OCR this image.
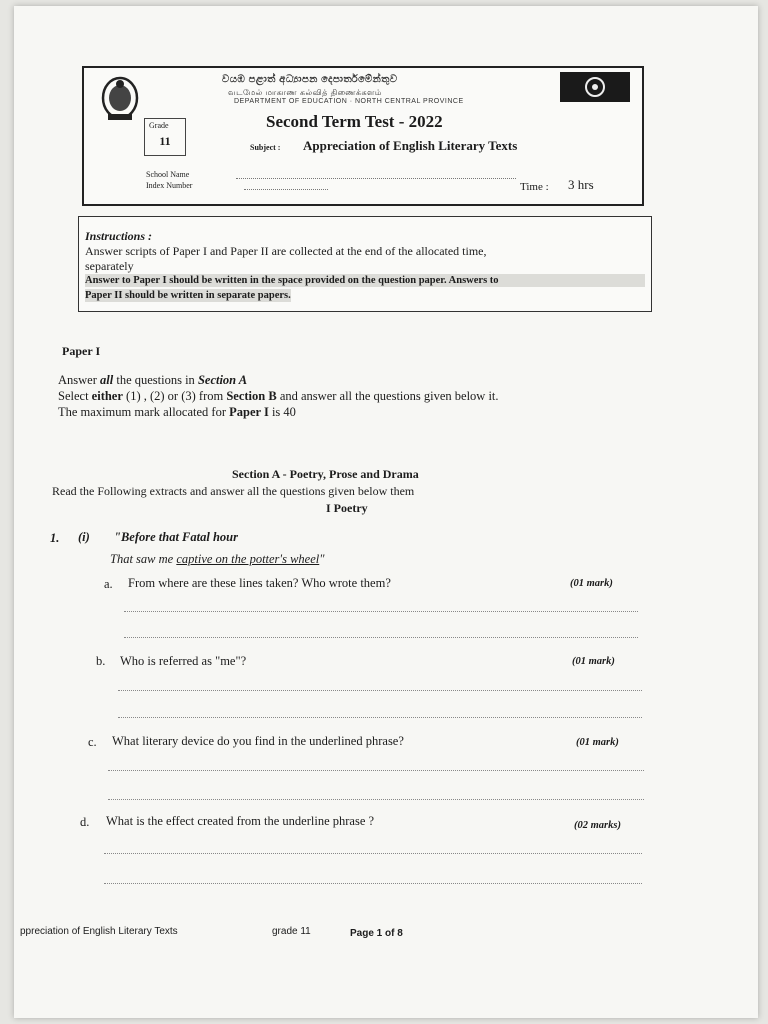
වයඹ පළාත් අධ්‍යාපන දෙපාර්තමේන්තුව
வடமேல் மாகாண கல்வித் திணைக்களம்
DEPARTMENT OF EDUCATION · NORTH CENTRAL PROVINCE
Grade
11
Second Term Test - 2022
Subject : Appreciation of English Literary Texts
School Name
Index Number	Time : 3 hrs
Instructions :
Answer scripts of Paper I and Paper II are collected at the end of the allocated time,
separately
Answer to Paper I should be written in the space provided on the question paper. Answers to
Paper II should be written in separate papers.
Paper I
Answer all the questions in Section A
Select either (1) , (2) or (3) from Section B and answer all the questions given below it.
The maximum mark allocated for Paper I is 40
Section A - Poetry, Prose and Drama
Read the Following extracts and answer all the questions given below them
I Poetry
1. (i) "Before that Fatal hour
That saw me captive on the potter's wheel"
a. From where are these lines taken? Who wrote them?	(01 mark)
b. Who is referred as "me"?	(01 mark)
c. What literary device do you find in the underlined phrase?	(01 mark)
d. What is the effect created from the underline phrase ?	(02 marks)
ppreciation of English Literary Texts	grade 11	Page 1 of 8
